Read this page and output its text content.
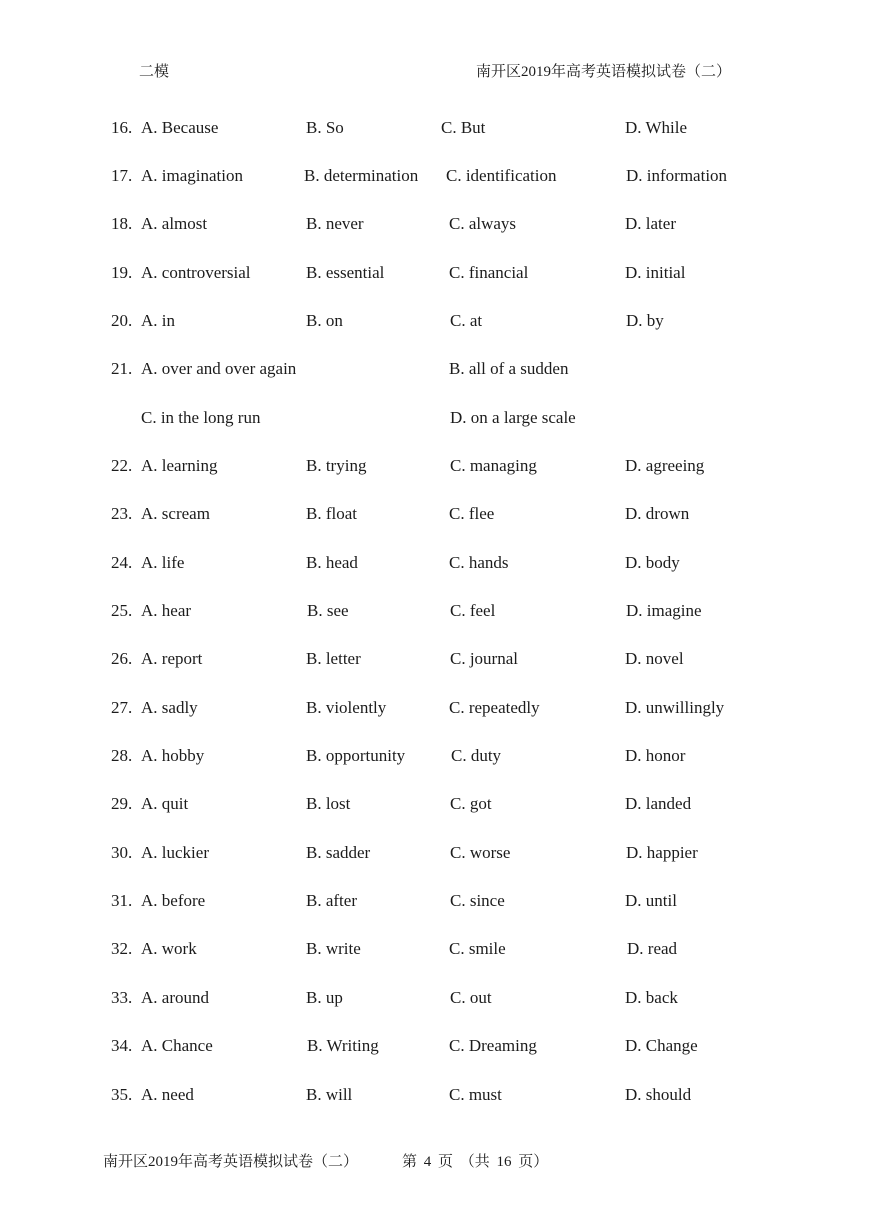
二模	南开区2019年高考英语模拟试卷（二）
16. A. Because	B. So	C. But	D. While
17. A. imagination	B. determination C. identification	D. information
18. A. almost	B. never	C. always	D. later
19. A. controversial	B. essential	C. financial	D. initial
20. A. in	B. on	C. at	D. by
21. A. over and over again	B. all of a sudden
C. in the long run	D. on a large scale
22. A. learning	B. trying	C. managing	D. agreeing
23. A. scream	B. float	C. flee	D. drown
24. A. life	B. head	C. hands	D. body
25. A. hear	B. see	C. feel	D. imagine
26. A. report	B. letter	C. journal	D. novel
27. A. sadly	B. violently	C. repeatedly	D. unwillingly
28. A. hobby	B. opportunity	C. duty	D. honor
29. A. quit	B. lost	C. got	D. landed
30. A. luckier	B. sadder	C. worse	D. happier
31. A. before	B. after	C. since	D. until
32. A. work	B. write	C. smile	D. read
33. A. around	B. up	C. out	D. back
34. A. Chance	B. Writing	C. Dreaming	D. Change
35. A. need	B. will	C. must	D. should
南开区2019年高考英语模拟试卷（二）	第 4 页 （共 16 页）
